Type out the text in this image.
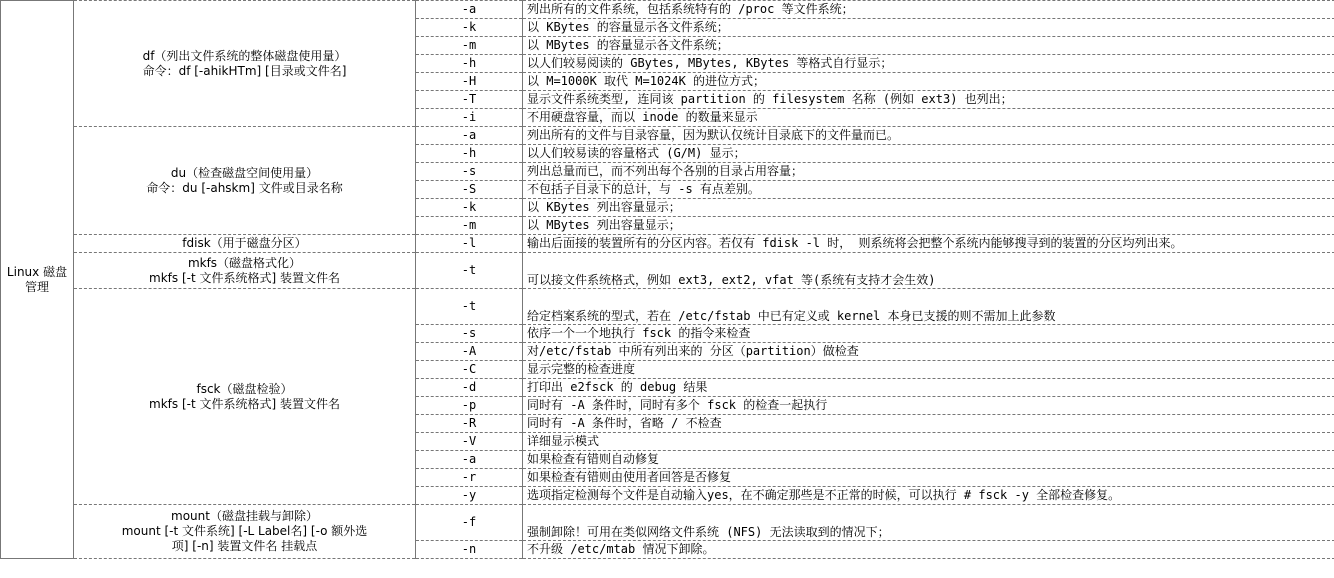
Linux 磁盘管理	df（列出文件系统的整体磁盘使用量）
命令：df [-ahikHTm] [目录或文件名]	-a	列出所有的文件系统，包括系统特有的 /proc 等文件系统；
		-k	以 KBytes 的容量显示各文件系统；
		-m	以 MBytes 的容量显示各文件系统；
		-h	以人们较易阅读的 GBytes, MBytes, KBytes 等格式自行显示；
		-H	以 M=1000K 取代 M=1024K 的进位方式；
		-T	显示文件系统类型, 连同该 partition 的 filesystem 名称 (例如 ext3) 也列出；
		-i	不用硬盘容量，而以 inode 的数量来显示

	du（检查磁盘空间使用量）
命令：du [-ahskm] 文件或目录名称	-a	列出所有的文件与目录容量，因为默认仅统计目录底下的文件量而已。
		-h	以人们较易读的容量格式 (G/M) 显示；
		-s	列出总量而已，而不列出每个各别的目录占用容量；
		-S	不包括子目录下的总计，与 -s 有点差别。
		-k	以 KBytes 列出容量显示；
		-m	以 MBytes 列出容量显示；

	fdisk（用于磁盘分区）	-l	输出后面接的装置所有的分区内容。若仅有 fdisk -l 时， 则系统将会把整个系统内能够搜寻到的装置的分区均列出来。

	mkfs（磁盘格式化）
mkfs [-t 文件系统格式] 装置文件名	-t	可以接文件系统格式，例如 ext3, ext2, vfat 等(系统有支持才会生效)

	fsck（磁盘检验）
mkfs [-t 文件系统格式] 装置文件名	-t	给定档案系统的型式，若在 /etc/fstab 中已有定义或 kernel 本身已支援的则不需加上此参数
		-s	依序一个一个地执行 fsck 的指令来检查
		-A	对/etc/fstab 中所有列出来的 分区（partition）做检查
		-C	显示完整的检查进度
		-d	打印出 e2fsck 的 debug 结果
		-p	同时有 -A 条件时，同时有多个 fsck 的检查一起执行
		-R	同时有 -A 条件时，省略 / 不检查
		-V	详细显示模式
		-a	如果检查有错则自动修复
		-r	如果检查有错则由使用者回答是否修复
		-y	选项指定检测每个文件是自动输入yes，在不确定那些是不正常的时候，可以执行 # fsck -y 全部检查修复。

	mount（磁盘挂载与卸除）
mount [-t 文件系统] [-L Label名] [-o 额外选
项] [-n] 装置文件名 挂载点	-f	强制卸除！可用在类似网络文件系统 (NFS) 无法读取到的情况下；
		-n	不升级 /etc/mtab 情况下卸除。
